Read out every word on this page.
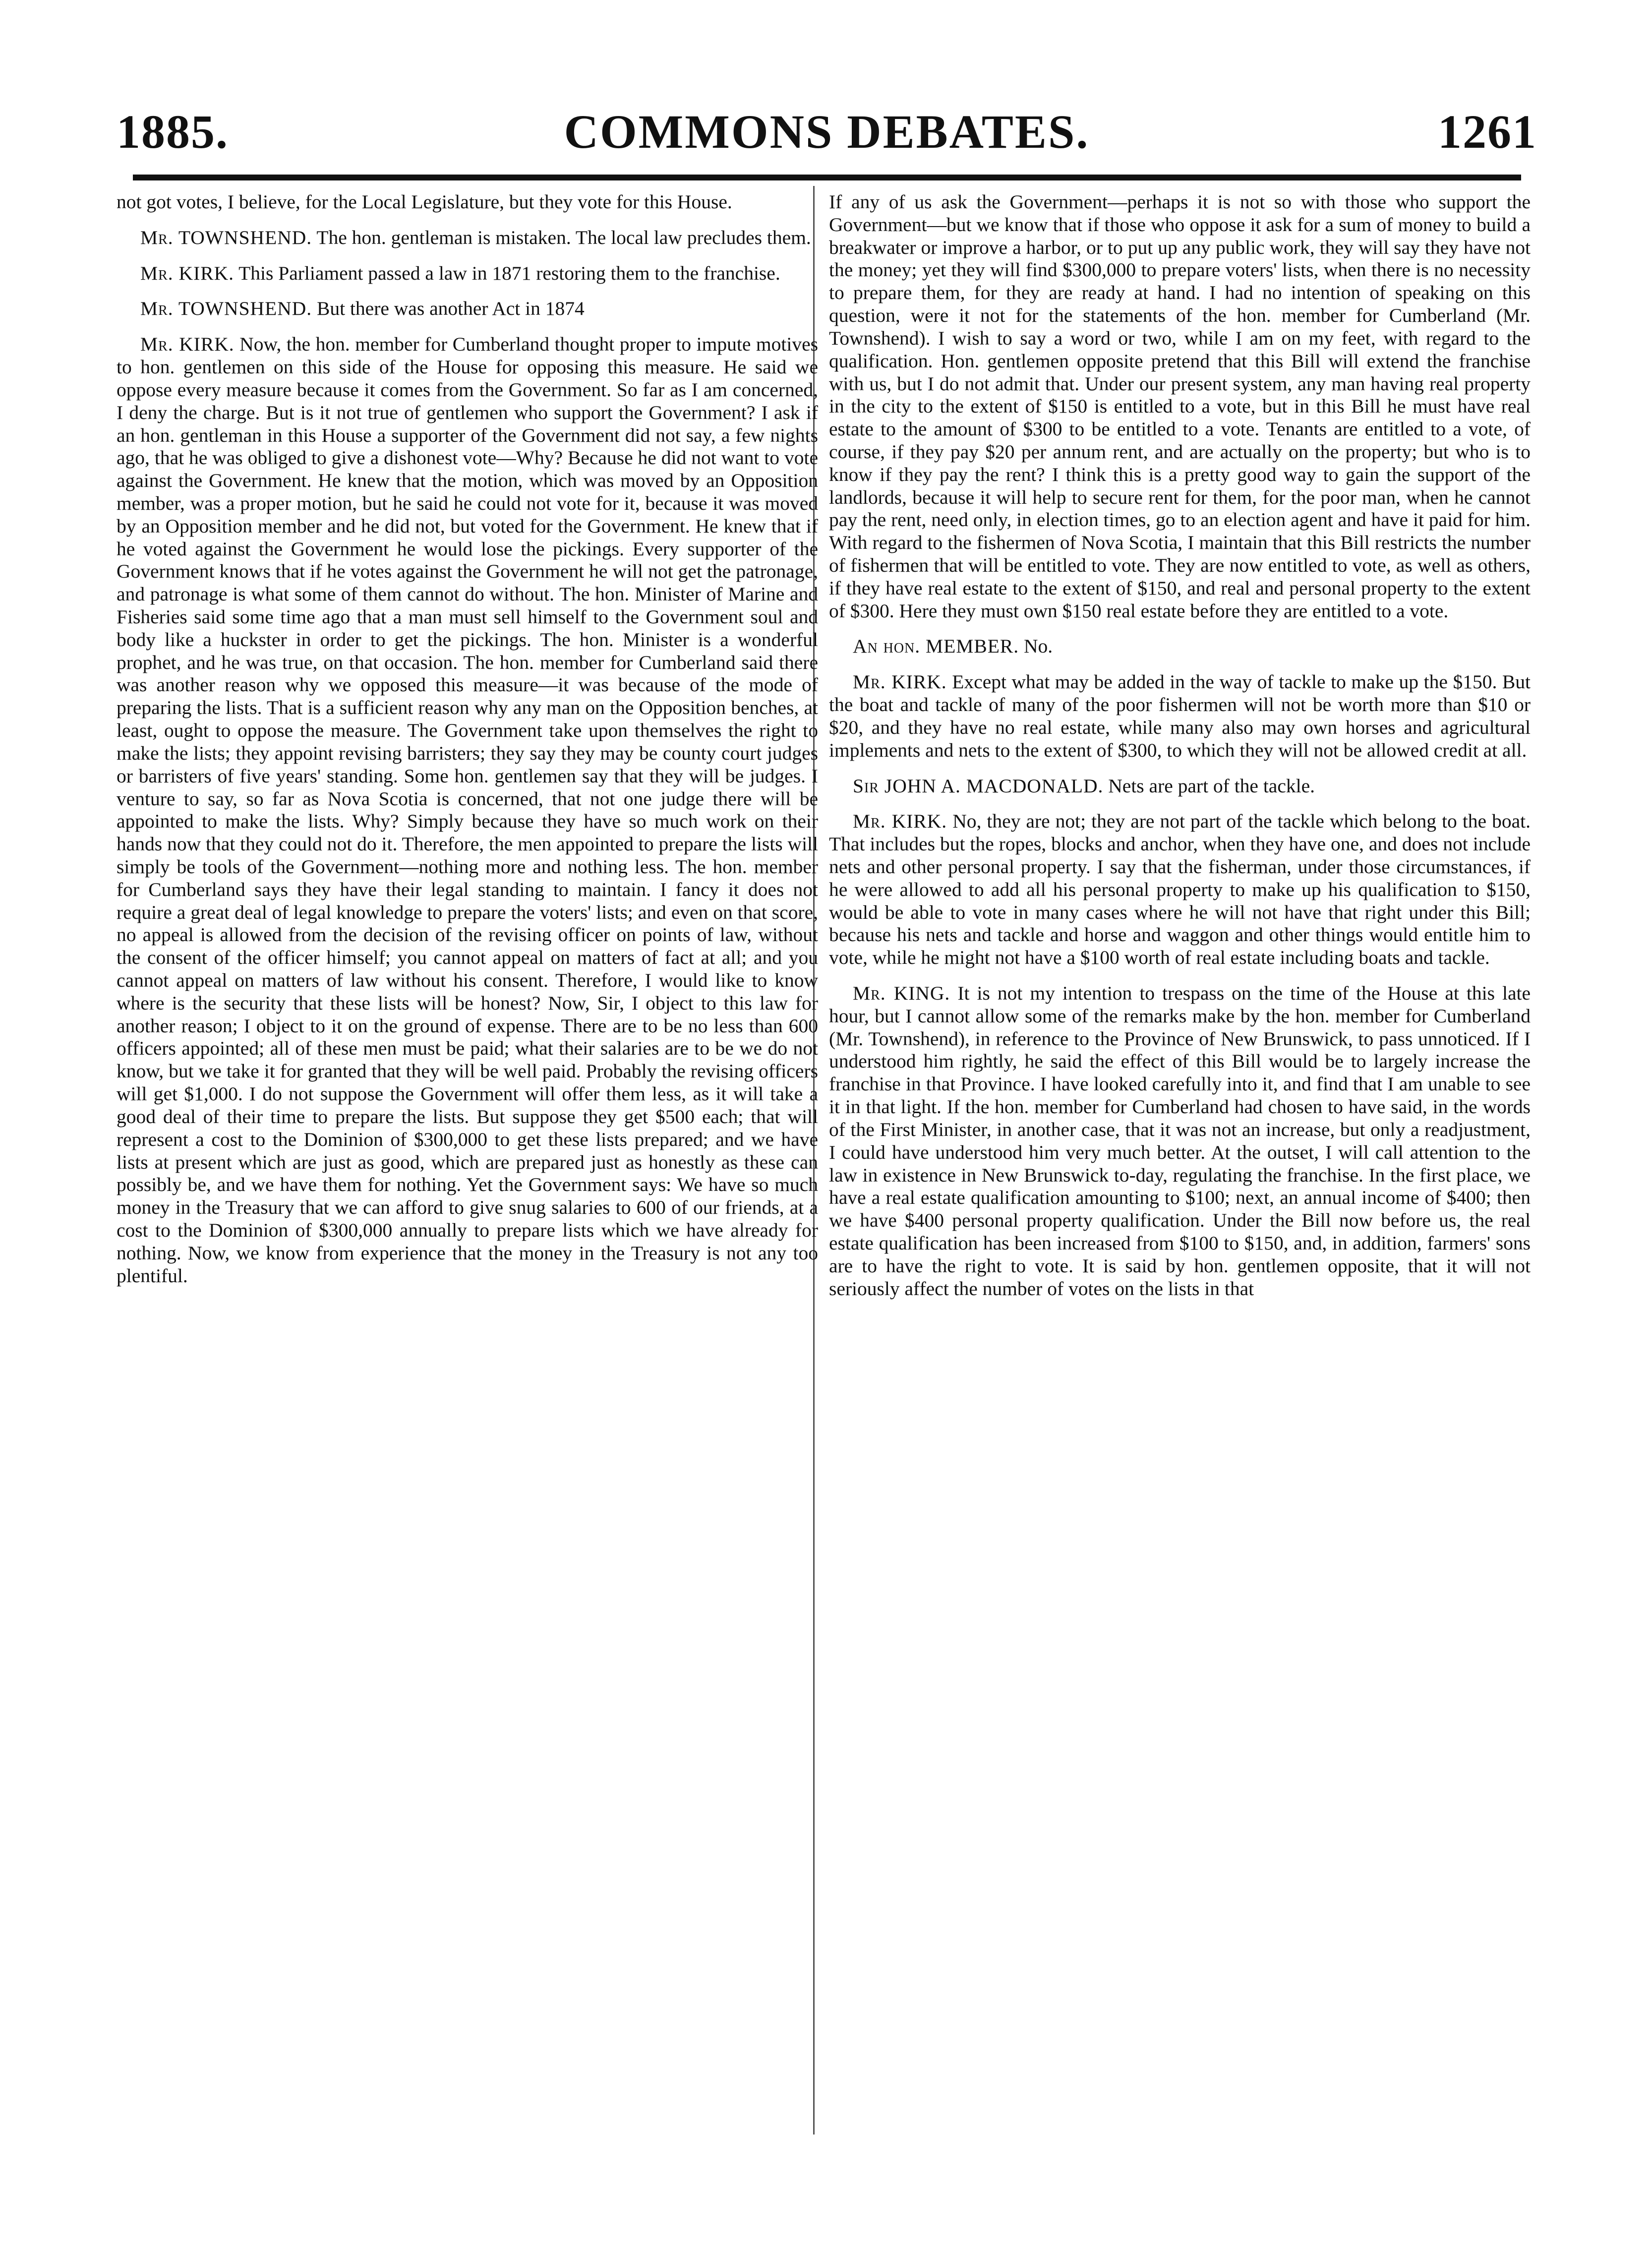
1885.	COMMONS DEBATES.	1261

not got votes, I believe, for the Local Legislature, but they vote for this House.

Mr. TOWNSHEND. The hon. gentleman is mistaken. The local law precludes them.

Mr. KIRK. This Parliament passed a law in 1871 restoring them to the franchise.

Mr. TOWNSHEND. But there was another Act in 1874

Mr. KIRK. Now, the hon. member for Cumberland thought proper to impute motives to hon. gentlemen on this side of the House for opposing this measure. He said we oppose every measure because it comes from the Government. So far as I am concerned, I deny the charge. But is it not true of gentlemen who support the Government? I ask if an hon. gentleman in this House a supporter of the Government did not say, a few nights ago, that he was obliged to give a dishonest vote—Why? Because he did not want to vote against the Government. He knew that the motion, which was moved by an Opposition member, was a proper motion, but he said he could not vote for it, because it was moved by an Opposition member and he did not, but voted for the Government. He knew that if he voted against the Government he would lose the pickings. Every supporter of the Government knows that if he votes against the Government he will not get the patronage, and patronage is what some of them cannot do without. The hon. Minister of Marine and Fisheries said some time ago that a man must sell himself to the Government soul and body like a huckster in order to get the pickings. The hon. Minister is a wonderful prophet, and he was true, on that occasion. The hon. member for Cumberland said there was another reason why we opposed this measure—it was because of the mode of preparing the lists. That is a sufficient reason why any man on the Opposition benches, at least, ought to oppose the measure. The Government take upon themselves the right to make the lists; they appoint revising barristers; they say they may be county court judges or barristers of five years' standing. Some hon. gentlemen say that they will be judges. I venture to say, so far as Nova Scotia is concerned, that not one judge there will be appointed to make the lists. Why? Simply because they have so much work on their hands now that they could not do it. Therefore, the men appointed to prepare the lists will simply be tools of the Government—nothing more and nothing less. The hon. member for Cumberland says they have their legal standing to maintain. I fancy it does not require a great deal of legal knowledge to prepare the voters' lists; and even on that score, no appeal is allowed from the decision of the revising officer on points of law, without the consent of the officer himself; you cannot appeal on matters of fact at all; and you cannot appeal on matters of law without his consent. Therefore, I would like to know where is the security that these lists will be honest? Now, Sir, I object to this law for another reason; I object to it on the ground of expense. There are to be no less than 600 officers appointed; all of these men must be paid; what their salaries are to be we do not know, but we take it for granted that they will be well paid. Probably the revising officers will get $1,000. I do not suppose the Government will offer them less, as it will take a good deal of their time to prepare the lists. But suppose they get $500 each; that will represent a cost to the Dominion of $300,000 to get these lists prepared; and we have lists at present which are just as good, which are prepared just as honestly as these can possibly be, and we have them for nothing. Yet the Government says: We have so much money in the Treasury that we can afford to give snug salaries to 600 of our friends, at a cost to the Dominion of $300,000 annually to prepare lists which we have already for nothing. Now, we know from experience that the money in the Treasury is not any too plentiful.

If any of us ask the Government—perhaps it is not so with those who support the Government—but we know that if those who oppose it ask for a sum of money to build a breakwater or improve a harbor, or to put up any public work, they will say they have not the money; yet they will find $300,000 to prepare voters' lists, when there is no necessity to prepare them, for they are ready at hand. I had no intention of speaking on this question, were it not for the statements of the hon. member for Cumberland (Mr. Townshend). I wish to say a word or two, while I am on my feet, with regard to the qualification. Hon. gentlemen opposite pretend that this Bill will extend the franchise with us, but I do not admit that. Under our present system, any man having real property in the city to the extent of $150 is entitled to a vote, but in this Bill he must have real estate to the amount of $300 to be entitled to a vote. Tenants are entitled to a vote, of course, if they pay $20 per annum rent, and are actually on the property; but who is to know if they pay the rent? I think this is a pretty good way to gain the support of the landlords, because it will help to secure rent for them, for the poor man, when he cannot pay the rent, need only, in election times, go to an election agent and have it paid for him. With regard to the fishermen of Nova Scotia, I maintain that this Bill restricts the number of fishermen that will be entitled to vote. They are now entitled to vote, as well as others, if they have real estate to the extent of $150, and real and personal property to the extent of $300. Here they must own $150 real estate before they are entitled to a vote.

An hon. MEMBER. No.

Mr. KIRK. Except what may be added in the way of tackle to make up the $150. But the boat and tackle of many of the poor fishermen will not be worth more than $10 or $20, and they have no real estate, while many also may own horses and agricultural implements and nets to the extent of $300, to which they will not be allowed credit at all.

Sir JOHN A. MACDONALD. Nets are part of the tackle.

Mr. KIRK. No, they are not; they are not part of the tackle which belong to the boat. That includes but the ropes, blocks and anchor, when they have one, and does not include nets and other personal property. I say that the fisherman, under those circumstances, if he were allowed to add all his personal property to make up his qualification to $150, would be able to vote in many cases where he will not have that right under this Bill; because his nets and tackle and horse and waggon and other things would entitle him to vote, while he might not have a $100 worth of real estate including boats and tackle.

Mr. KING. It is not my intention to trespass on the time of the House at this late hour, but I cannot allow some of the remarks make by the hon. member for Cumberland (Mr. Townshend), in reference to the Province of New Brunswick, to pass unnoticed. If I understood him rightly, he said the effect of this Bill would be to largely increase the franchise in that Province. I have looked carefully into it, and find that I am unable to see it in that light. If the hon. member for Cumberland had chosen to have said, in the words of the First Minister, in another case, that it was not an increase, but only a readjustment, I could have understood him very much better. At the outset, I will call attention to the law in existence in New Brunswick to-day, regulating the franchise. In the first place, we have a real estate qualification amounting to $100; next, an annual income of $400; then we have $400 personal property qualification. Under the Bill now before us, the real estate qualification has been increased from $100 to $150, and, in addition, farmers' sons are to have the right to vote. It is said by hon. gentlemen opposite, that it will not seriously affect the number of votes on the lists in that
